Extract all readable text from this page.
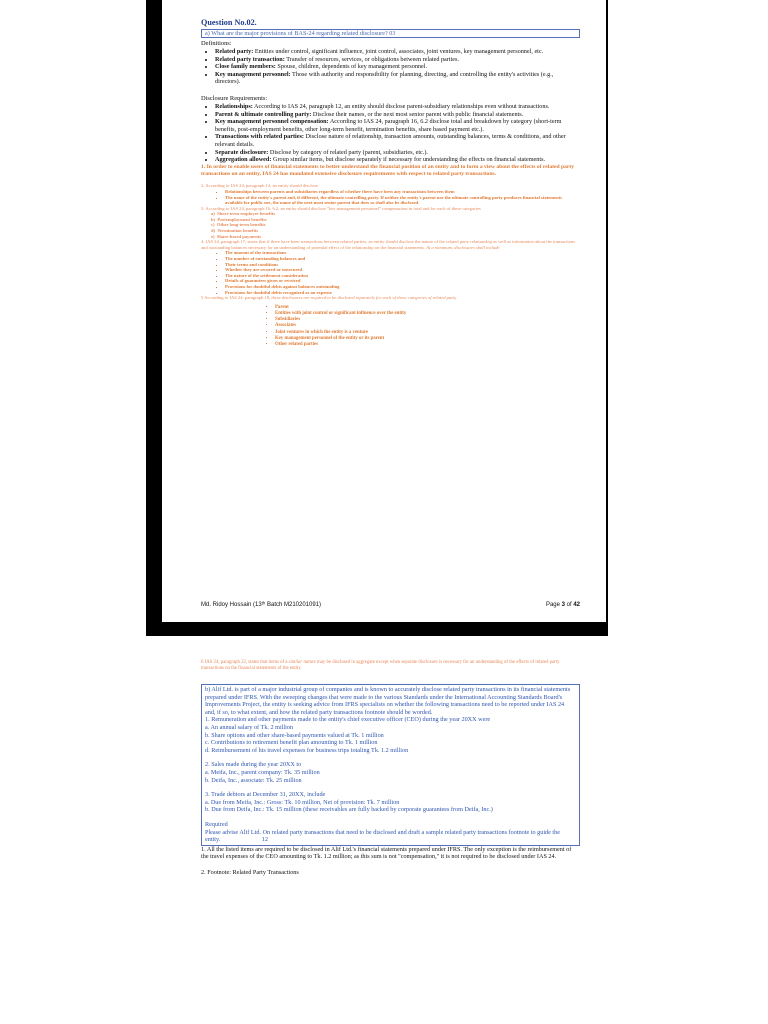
Question No.02.
a) What are the major provisions of BAS-24 regarding related disclosure? 03
Definitions:
• Related party: Entities under control, significant influence, joint control, associates, joint ventures, key management personnel, etc.
• Related party transaction: Transfer of resources, services, or obligations between related parties.
• Close family members: Spouse, children, dependents of key management personnel.
• Key management personnel: Those with authority and responsibility for planning, directing, and controlling the entity's activities (e.g., directors).
Disclosure Requirements:
• Relationships: According to IAS 24, paragraph 12, an entity should disclose parent-subsidiary relationships even without transactions.
• Parent & ultimate controlling party: Disclose their names, or the next most senior parent with public financial statements.
• Key management personnel compensation: According to IAS 24, paragraph 16, 6.2 disclose total and breakdown by category (short-term benefits, post-employment benefits, other long-term benefit, termination benefits, share based payment etc.).
• Transactions with related parties: Disclose nature of relationship, transaction amounts, outstanding balances, terms & conditions, and other relevant details.
• Separate disclosure: Disclose by category of related party (parent, subsidiaries, etc.).
• Aggregation allowed: Group similar items, but disclose separately if necessary for understanding the effects on financial statements.
1. In order to enable users of financial statements to better understand the financial position of an entity and to form a view about the effects of related party transactions on an entity, IAS 24 has mandated extensive disclosure requirements with respect to related party transactions.
2. According to IAS 24, paragraph 12, an entity should disclose
▪ Relationships between parents and subsidiaries regardless of whether there have been any transactions between them
▪ The name of the entity's parent and, if different, the ultimate controlling party. If neither the entity's parent nor the ultimate controlling party produces financial statements available for public use, the name of the next most senior parent that does so shall also be disclosed.
3. According to IAS 24, paragraph 16, 6.2, an entity should disclose "key management personnel" compensation in total and for each of these categories
a)  Short-term employee benefits
b)  Postemployment benefits
c)  Other long-term benefits
d)  Termination benefits
e)  Share-based payments
4. IAS 24, paragraph 17, states that if there have been transactions between related parties, an entity should disclose the nature of the related party relationship as well as information about the transactions and outstanding balances necessary for an understanding of potential effect of the relationship on the financial statements. At a minimum, disclosures shall include
▪ The amount of the transactions
▪ The number of outstanding balances and
▪ Their terms and conditions
▪ Whether they are secured or unsecured
▪ The nature of the settlement consideration
▪ Details of guarantees given or received
▪ Provisions for doubtful debts against balances outstanding
▪ Provisions for doubtful debts recognized as an expense
5 According to IAS 24, paragraph 18, these disclosures are required to be disclosed separately for each of these categories of related party
▪ Parent
▪ Entities with joint control or significant influence over the entity
▪ Subsidiaries
▪ Associates
▪ Joint ventures in which the entity is a venture
▪ Key management personnel of the entity or its parent
▪ Other related parties
Md. Ridoy Hossain (13ᵗʰ Batch M210201091)	Page 3 of 42
6 IAS 24, paragraph 22, states that items of a similar nature may be disclosed in aggregate except when separate disclosure is necessary for an understanding of the effects of related party transactions on the financial statements of the entity.

b) Alif Ltd. is part of a major industrial group of companies and is known to accurately disclose related party transactions in its financial statements prepared under IFRS. With the sweeping changes that were made to the various Standards under the International Accounting Standards Board's Improvements Project, the entity is seeking advice from IFRS specialists on whether the following transactions need to be reported under IAS 24 and, if so, to what extent, and how the related party transactions footnote should be worded.

1. Remuneration and other payments made to the entity's chief executive officer (CEO) during the year 20XX were

a. An annual salary of Tk. 2 million

b. Share options and other share-based payments valued at Tk. 1 million

c. Contributions to retirement benefit plan amounting to Tk. 1 million

d. Reimbursement of his travel expenses for business trips totaling Tk. 1.2 million

2. Sales made during the year 20XX to

a. Meifa, Inc., parent company: Tk. 35 million

b. Deifa, Inc., associate: Tk. 25 million

3. Trade debtors at December 31, 20XX, include

a. Due from Meifa, Inc.: Gross: Tk. 10 million, Net of provision: Tk. 7 million

b. Due from Deifa, Inc.: Tk. 15 million (these receivables are fully backed by corporate guarantees from Deifa, Inc.)

Required

Please advise Alif Ltd. On related party transactions that need to be disclosed and draft a sample related party transactions footnote to guide the entity.	12

1. All the listed items are required to be disclosed in Alif Ltd.'s financial statements prepared under IFRS. The only exception is the reimbursement of the travel expenses of the CEO amounting to Tk. 1.2 million; as this sum is not "compensation," it is not required to be disclosed under IAS 24.

2. Footnote: Related Party Transactions
